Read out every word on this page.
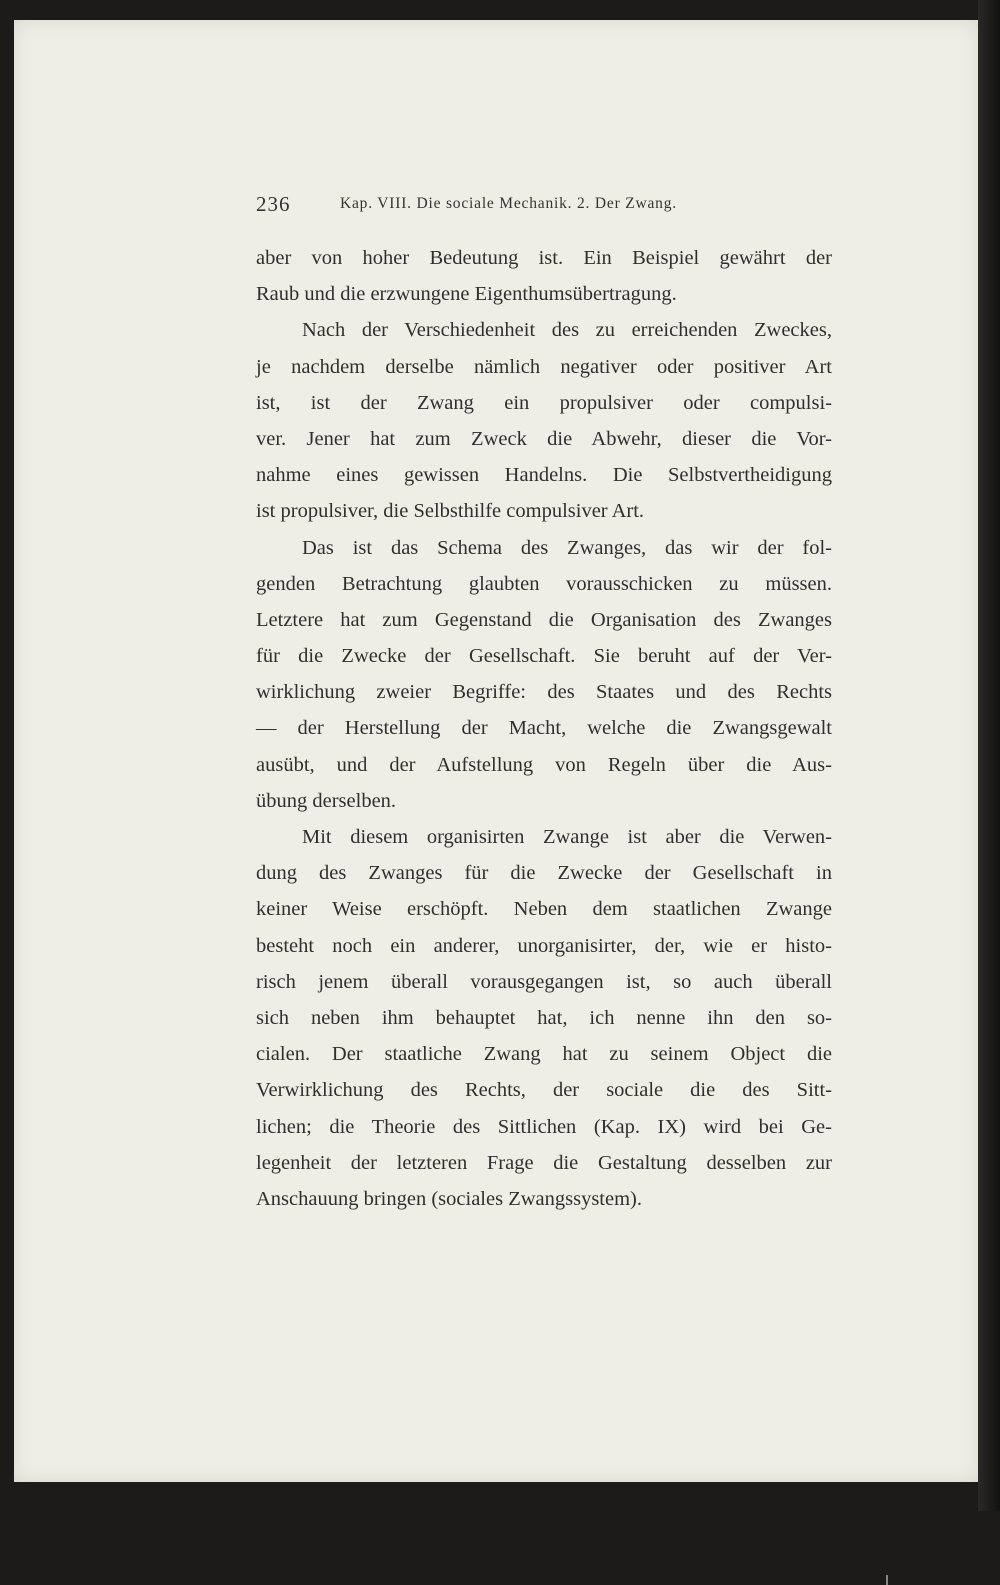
236	Kap. VIII. Die sociale Mechanik. 2. Der Zwang.
aber von hoher Bedeutung ist. Ein Beispiel gewährt der
Raub und die erzwungene Eigenthumsübertragung.
Nach der Verschiedenheit des zu erreichenden Zweckes,
je nachdem derselbe nämlich negativer oder positiver Art
ist, ist der Zwang ein propulsiver oder compulsi-
ver. Jener hat zum Zweck die Abwehr, dieser die Vor-
nahme eines gewissen Handelns. Die Selbstvertheidigung
ist propulsiver, die Selbsthilfe compulsiver Art.
Das ist das Schema des Zwanges, das wir der fol-
genden Betrachtung glaubten vorausschicken zu müssen.
Letztere hat zum Gegenstand die Organisation des Zwanges
für die Zwecke der Gesellschaft. Sie beruht auf der Ver-
wirklichung zweier Begriffe: des Staates und des Rechts
— der Herstellung der Macht, welche die Zwangsgewalt
ausübt, und der Aufstellung von Regeln über die Aus-
übung derselben.
Mit diesem organisirten Zwange ist aber die Verwen-
dung des Zwanges für die Zwecke der Gesellschaft in
keiner Weise erschöpft. Neben dem staatlichen Zwange
besteht noch ein anderer, unorganisirter, der, wie er histo-
risch jenem überall vorausgegangen ist, so auch überall
sich neben ihm behauptet hat, ich nenne ihn den so-
cialen. Der staatliche Zwang hat zu seinem Object die
Verwirklichung des Rechts, der sociale die des Sitt-
lichen; die Theorie des Sittlichen (Kap. IX) wird bei Ge-
legenheit der letzteren Frage die Gestaltung desselben zur
Anschauung bringen (sociales Zwangssystem).
